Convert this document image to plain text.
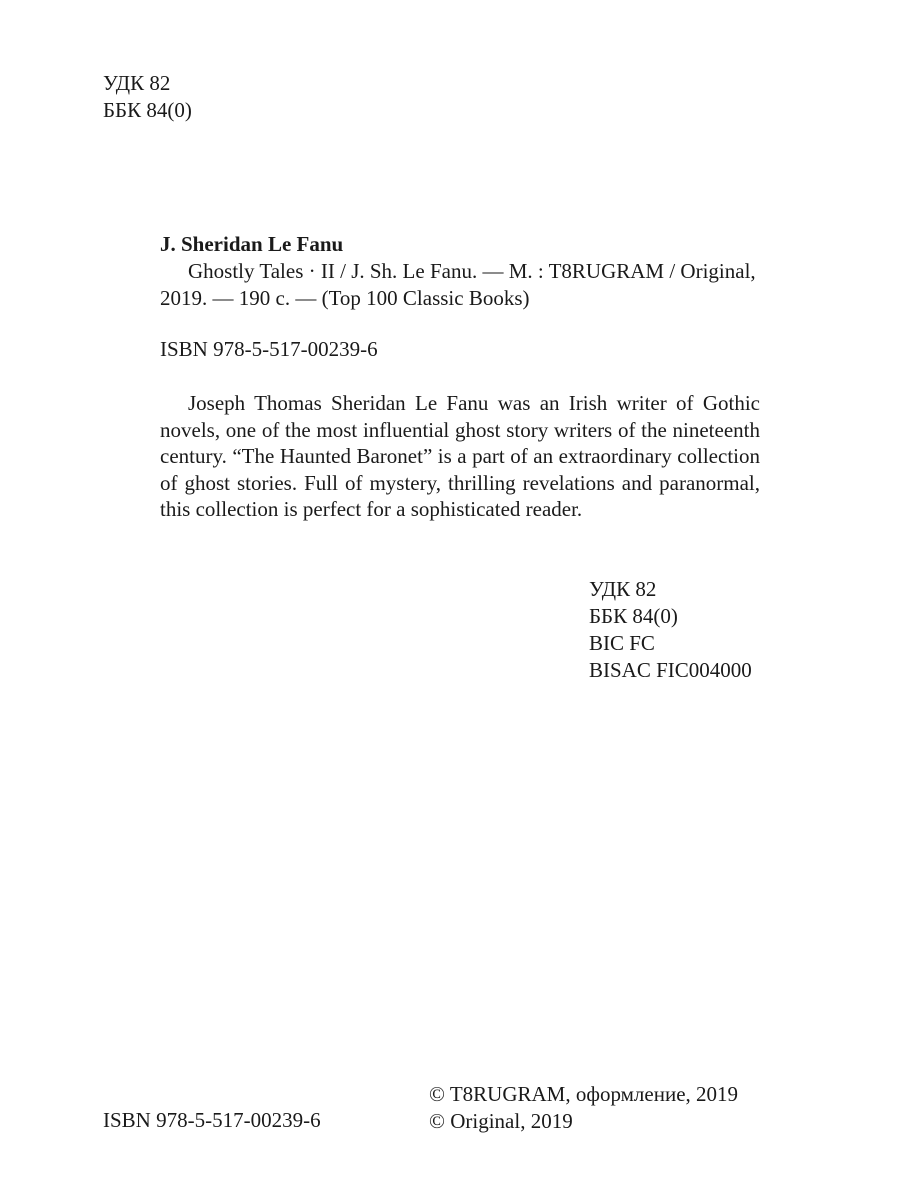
УДК 82
ББК 84(0)
J. Sheridan Le Fanu
Ghostly Tales · II / J. Sh. Le Fanu. — M. : T8RUGRAM / Original,
2019. — 190 c. — (Top 100 Classic Books)
ISBN 978-5-517-00239-6
Joseph Thomas Sheridan Le Fanu was an Irish writer of Gothic novels, one of the most influential ghost story writers of the nineteenth century. “The Haunted Baronet” is a part of an extraordinary collection of ghost stories. Full of mystery, thrilling revelations and paranormal, this collection is perfect for a sophisticated reader.
УДК 82
ББК 84(0)
BIC FC
BISAC FIC004000
ISBN 978-5-517-00239-6
© T8RUGRAM, оформление, 2019
© Original, 2019
